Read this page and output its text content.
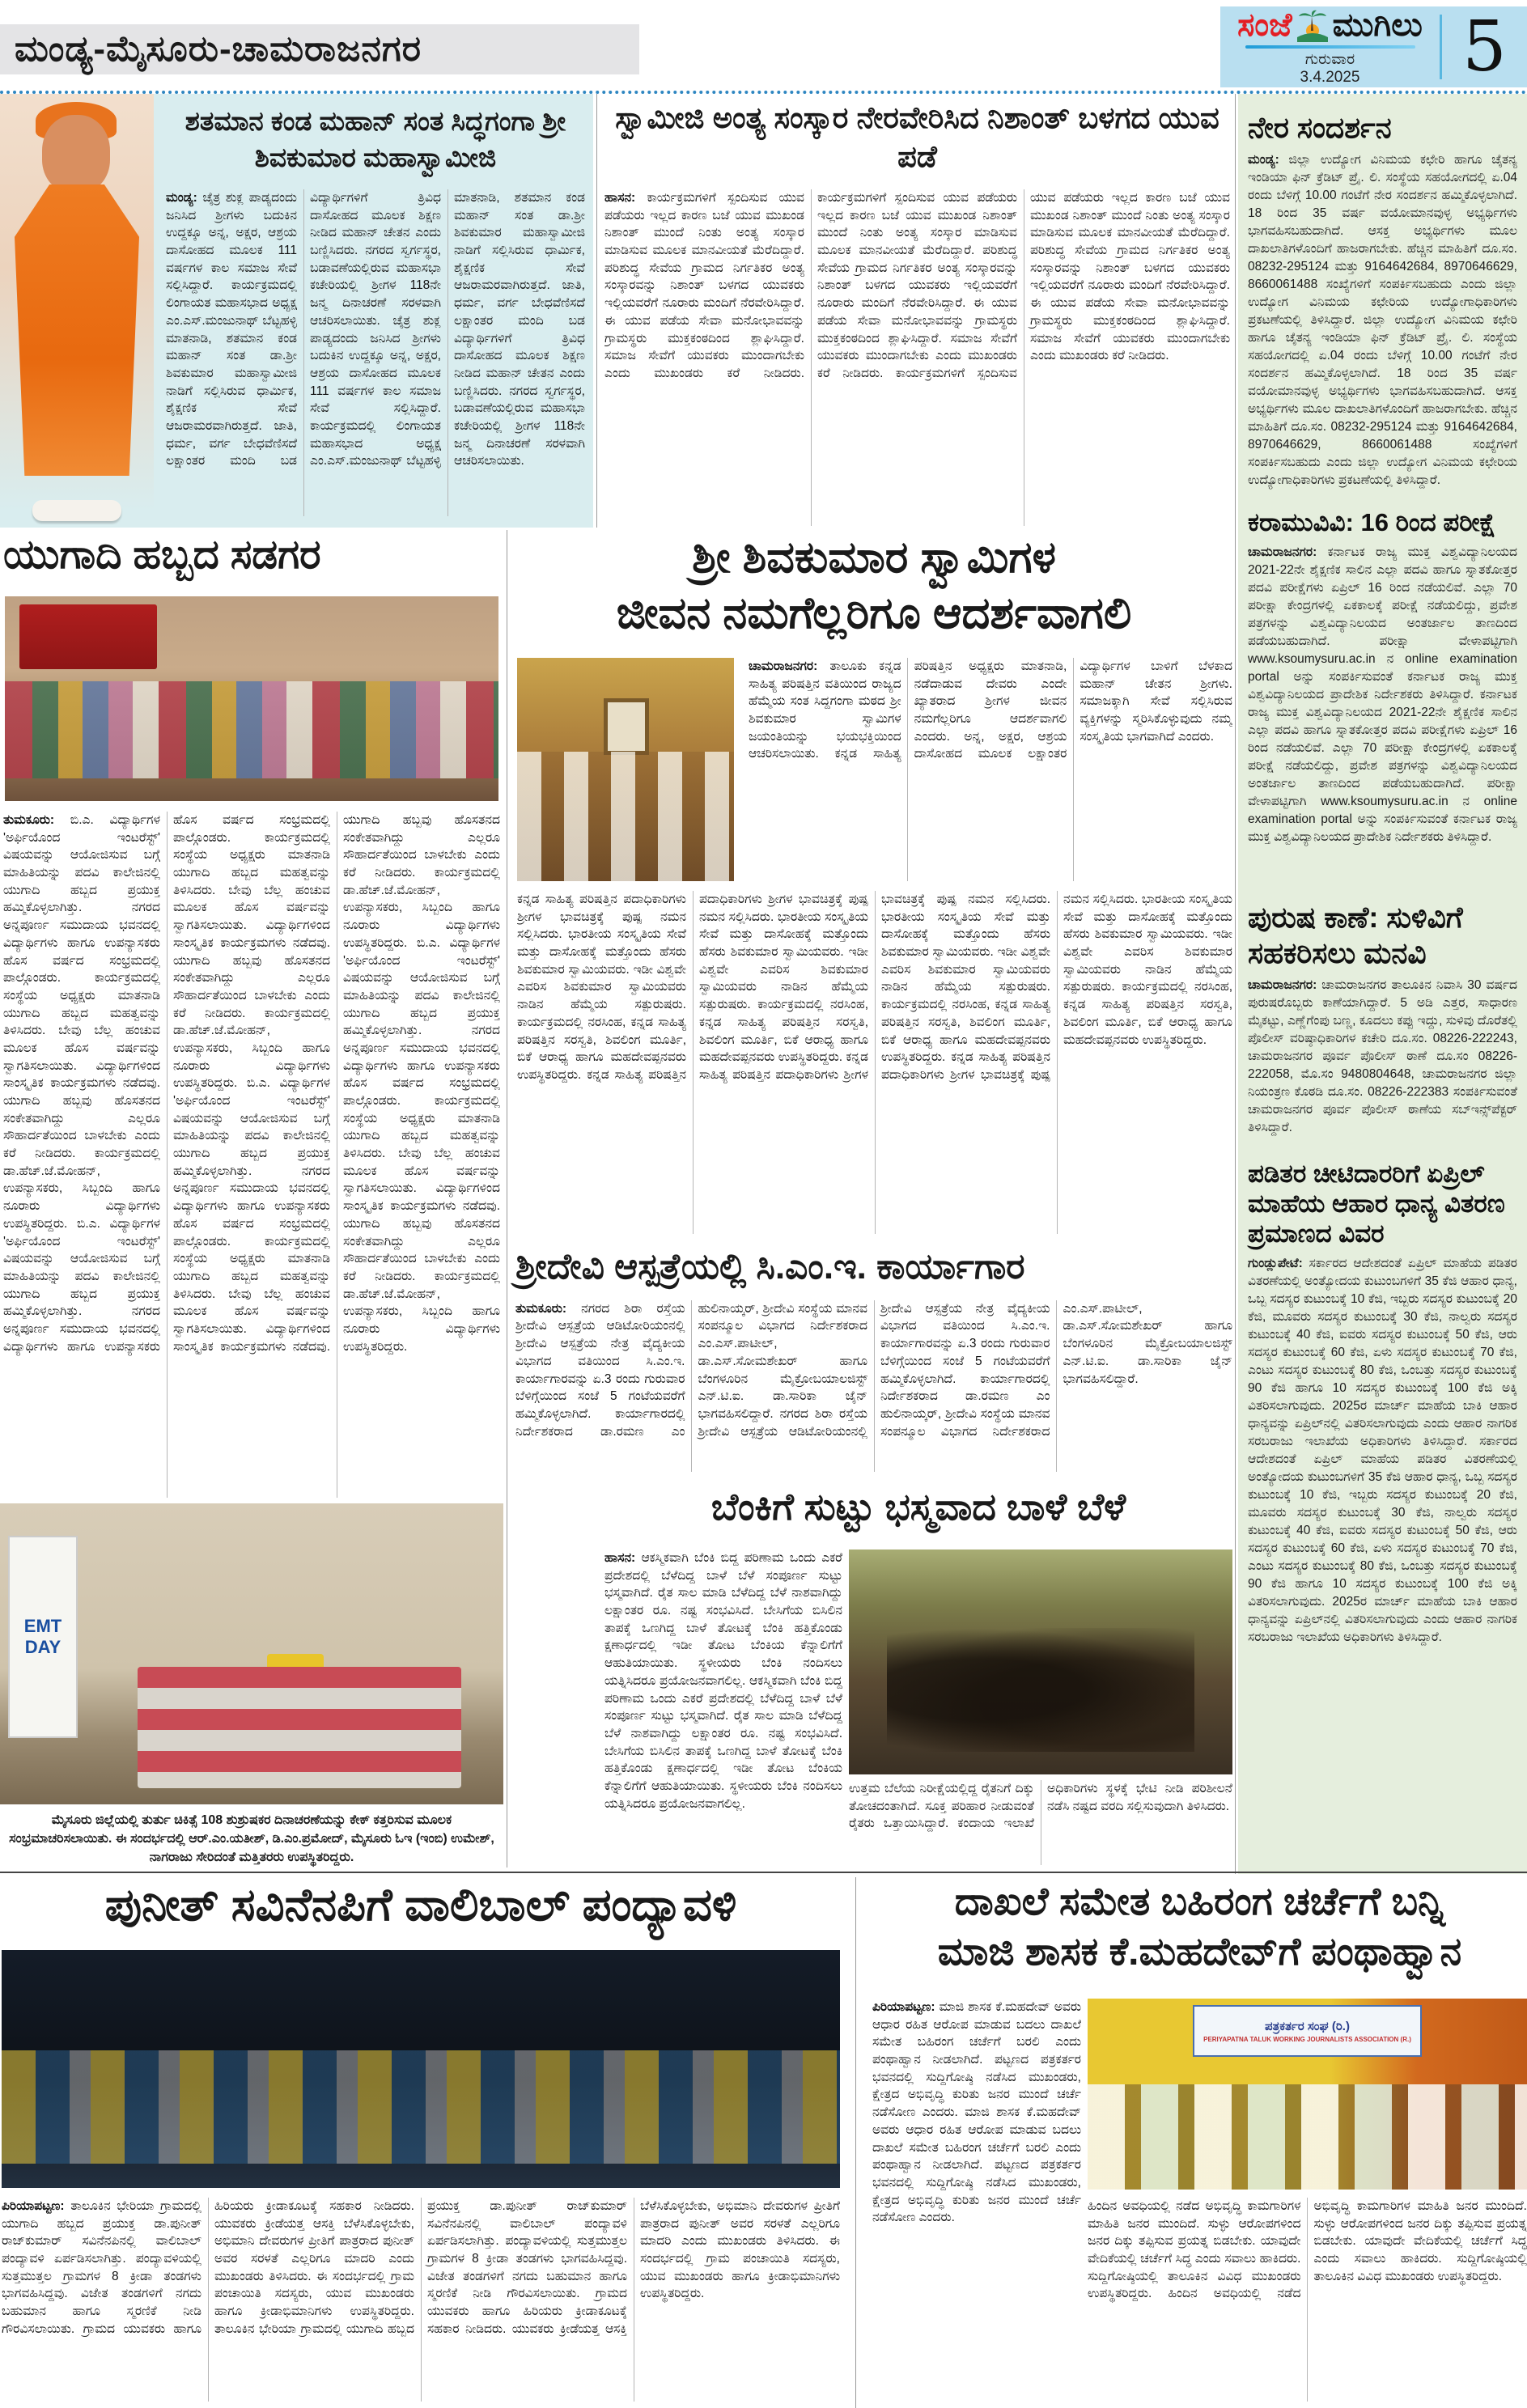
ಮಂಡ್ಯ-ಮೈಸೂರು-ಚಾಮರಾಜನಗರ
ಸಂಜೆ ಮುಗಿಲು
ಗುರುವಾರ
3.4.2025 5
ಶತಮಾನ ಕಂಡ ಮಹಾನ್ ಸಂತ ಸಿದ್ಧಗಂಗಾ ಶ್ರೀ ಶಿವಕುಮಾರ ಮಹಾಸ್ವಾಮೀಜಿ
ಮಂಡ್ಯ: ಚೈತ್ರ ಶುಕ್ಲ ಪಾಡ್ಯದಂದು ಜನಿಸಿದ ಶ್ರೀಗಳು ಬದುಕಿನ ಉದ್ದಕ್ಕೂ ಅನ್ನ, ಅಕ್ಷರ, ಆಶ್ರಯ ದಾಸೋಹದ ಮೂಲಕ 111 ವರ್ಷಗಳ ಕಾಲ ಸಮಾಜ ಸೇವೆ ಸಲ್ಲಿಸಿದ್ದಾರೆ. ಕಾರ್ಯಕ್ರಮದಲ್ಲಿ ಲಿಂಗಾಯತ ಮಹಾಸಭಾದ ಅಧ್ಯಕ್ಷ ಎಂ.ಎಸ್.ಮಂಜುನಾಥ್ ಬೆಟ್ಟಹಳ್ಳಿ ಮಾತನಾಡಿ, ಶತಮಾನ ಕಂಡ ಮಹಾನ್ ಸಂತ ಡಾ.ಶ್ರೀ ಶಿವಕುಮಾರ ಮಹಾಸ್ವಾಮೀಜಿ ನಾಡಿಗೆ ಸಲ್ಲಿಸಿರುವ ಧಾರ್ಮಿಕ, ಶೈಕ್ಷಣಿಕ ಸೇವೆ ಆಜರಾಮರವಾಗಿರುತ್ತದೆ. ಜಾತಿ, ಧರ್ಮ, ವರ್ಗ ಬೇಧವೆಣಿಸದೆ ಲಕ್ಷಾಂತರ ಮಂದಿ ಬಡ ವಿದ್ಯಾರ್ಥಿಗಳಿಗೆ ತ್ರಿವಿಧ ದಾಸೋಹದ ಮೂಲಕ ಶಿಕ್ಷಣ ನೀಡಿದ ಮಹಾನ್ ಚೇತನ ಎಂದು ಬಣ್ಣಿಸಿದರು. ನಗರದ ಸ್ವರ್ಗಸ್ಥರ, ಬಡಾವಣೆಯಲ್ಲಿರುವ ಮಹಾಸಭಾ ಕಚೇರಿಯಲ್ಲಿ ಶ್ರೀಗಳ 118ನೇ ಜನ್ಮ ದಿನಾಚರಣೆ ಸರಳವಾಗಿ ಆಚರಿಸಲಾಯಿತು. ಚೈತ್ರ ಶುಕ್ಲ ಪಾಡ್ಯದಂದು ಜನಿಸಿದ ಶ್ರೀಗಳು ಬದುಕಿನ ಉದ್ದಕ್ಕೂ ಅನ್ನ, ಅಕ್ಷರ, ಆಶ್ರಯ ದಾಸೋಹದ ಮೂಲಕ 111 ವರ್ಷಗಳ ಕಾಲ ಸಮಾಜ ಸೇವೆ ಸಲ್ಲಿಸಿದ್ದಾರೆ. ಕಾರ್ಯಕ್ರಮದಲ್ಲಿ ಲಿಂಗಾಯತ ಮಹಾಸಭಾದ ಅಧ್ಯಕ್ಷ ಎಂ.ಎಸ್.ಮಂಜುನಾಥ್ ಬೆಟ್ಟಹಳ್ಳಿ ಮಾತನಾಡಿ, ಶತಮಾನ ಕಂಡ ಮಹಾನ್ ಸಂತ ಡಾ.ಶ್ರೀ ಶಿವಕುಮಾರ ಮಹಾಸ್ವಾಮೀಜಿ ನಾಡಿಗೆ ಸಲ್ಲಿಸಿರುವ ಧಾರ್ಮಿಕ, ಶೈಕ್ಷಣಿಕ ಸೇವೆ ಆಜರಾಮರವಾಗಿರುತ್ತದೆ. ಜಾತಿ, ಧರ್ಮ, ವರ್ಗ ಬೇಧವೆಣಿಸದೆ ಲಕ್ಷಾಂತರ ಮಂದಿ ಬಡ ವಿದ್ಯಾರ್ಥಿಗಳಿಗೆ ತ್ರಿವಿಧ ದಾಸೋಹದ ಮೂಲಕ ಶಿಕ್ಷಣ ನೀಡಿದ ಮಹಾನ್ ಚೇತನ ಎಂದು ಬಣ್ಣಿಸಿದರು. ನಗರದ ಸ್ವರ್ಗಸ್ಥರ, ಬಡಾವಣೆಯಲ್ಲಿರುವ ಮಹಾಸಭಾ ಕಚೇರಿಯಲ್ಲಿ ಶ್ರೀಗಳ 118ನೇ ಜನ್ಮ ದಿನಾಚರಣೆ ಸರಳವಾಗಿ ಆಚರಿಸಲಾಯಿತು.
ಸ್ವಾಮೀಜಿ ಅಂತ್ಯ ಸಂಸ್ಕಾರ ನೇರವೇರಿಸಿದ ನಿಶಾಂತ್ ಬಳಗದ ಯುವ ಪಡೆ
ಹಾಸನ: ಕಾರ್ಯಕ್ರಮಗಳಿಗೆ ಸ್ಪಂದಿಸುವ ಯುವ ಪಡೆಯರು ಇಲ್ಲದ ಕಾರಣ ಬಜೆ ಯುವ ಮುಖಂಡ ನಿಶಾಂತ್ ಮುಂದೆ ನಿಂತು ಅಂತ್ಯ ಸಂಸ್ಕಾರ ಮಾಡಿಸುವ ಮೂಲಕ ಮಾನವೀಯತೆ ಮೆರೆದಿದ್ದಾರೆ. ಪರಿಶುದ್ಧ ಸೇವೆಯ ಗ್ರಾಮದ ನಿರ್ಗತಿಕರ ಅಂತ್ಯ ಸಂಸ್ಕಾರವನ್ನು ನಿಶಾಂತ್ ಬಳಗದ ಯುವಕರು ಇಲ್ಲಿಯವರೆಗೆ ನೂರಾರು ಮಂದಿಗೆ ನೆರವೇರಿಸಿದ್ದಾರೆ. ಈ ಯುವ ಪಡೆಯ ಸೇವಾ ಮನೋಭಾವವನ್ನು ಗ್ರಾಮಸ್ಥರು ಮುಕ್ತಕಂಠದಿಂದ ಶ್ಲಾಘಿಸಿದ್ದಾರೆ. ಸಮಾಜ ಸೇವೆಗೆ ಯುವಕರು ಮುಂದಾಗಬೇಕು ಎಂದು ಮುಖಂಡರು ಕರೆ ನೀಡಿದರು. ಕಾರ್ಯಕ್ರಮಗಳಿಗೆ ಸ್ಪಂದಿಸುವ ಯುವ ಪಡೆಯರು ಇಲ್ಲದ ಕಾರಣ ಬಜೆ ಯುವ ಮುಖಂಡ ನಿಶಾಂತ್ ಮುಂದೆ ನಿಂತು ಅಂತ್ಯ ಸಂಸ್ಕಾರ ಮಾಡಿಸುವ ಮೂಲಕ ಮಾನವೀಯತೆ ಮೆರೆದಿದ್ದಾರೆ. ಪರಿಶುದ್ಧ ಸೇವೆಯ ಗ್ರಾಮದ ನಿರ್ಗತಿಕರ ಅಂತ್ಯ ಸಂಸ್ಕಾರವನ್ನು ನಿಶಾಂತ್ ಬಳಗದ ಯುವಕರು ಇಲ್ಲಿಯವರೆಗೆ ನೂರಾರು ಮಂದಿಗೆ ನೆರವೇರಿಸಿದ್ದಾರೆ. ಈ ಯುವ ಪಡೆಯ ಸೇವಾ ಮನೋಭಾವವನ್ನು ಗ್ರಾಮಸ್ಥರು ಮುಕ್ತಕಂಠದಿಂದ ಶ್ಲಾಘಿಸಿದ್ದಾರೆ. ಸಮಾಜ ಸೇವೆಗೆ ಯುವಕರು ಮುಂದಾಗಬೇಕು ಎಂದು ಮುಖಂಡರು ಕರೆ ನೀಡಿದರು. ಕಾರ್ಯಕ್ರಮಗಳಿಗೆ ಸ್ಪಂದಿಸುವ ಯುವ ಪಡೆಯರು ಇಲ್ಲದ ಕಾರಣ ಬಜೆ ಯುವ ಮುಖಂಡ ನಿಶಾಂತ್ ಮುಂದೆ ನಿಂತು ಅಂತ್ಯ ಸಂಸ್ಕಾರ ಮಾಡಿಸುವ ಮೂಲಕ ಮಾನವೀಯತೆ ಮೆರೆದಿದ್ದಾರೆ. ಪರಿಶುದ್ಧ ಸೇವೆಯ ಗ್ರಾಮದ ನಿರ್ಗತಿಕರ ಅಂತ್ಯ ಸಂಸ್ಕಾರವನ್ನು ನಿಶಾಂತ್ ಬಳಗದ ಯುವಕರು ಇಲ್ಲಿಯವರೆಗೆ ನೂರಾರು ಮಂದಿಗೆ ನೆರವೇರಿಸಿದ್ದಾರೆ. ಈ ಯುವ ಪಡೆಯ ಸೇವಾ ಮನೋಭಾವವನ್ನು ಗ್ರಾಮಸ್ಥರು ಮುಕ್ತಕಂಠದಿಂದ ಶ್ಲಾಘಿಸಿದ್ದಾರೆ. ಸಮಾಜ ಸೇವೆಗೆ ಯುವಕರು ಮುಂದಾಗಬೇಕು ಎಂದು ಮುಖಂಡರು ಕರೆ ನೀಡಿದರು.
ನೇರ ಸಂದರ್ಶನ
ಮಂಡ್ಯ: ಜಿಲ್ಲಾ ಉದ್ಯೋಗ ವಿನಿಮಯ ಕಛೇರಿ ಹಾಗೂ ಚೈತನ್ಯ ಇಂಡಿಯಾ ಫಿನ್ ಕ್ರೆಡಿಟ್ ಪ್ರೈ. ಲಿ. ಸಂಸ್ಥೆಯ ಸಹಯೋಗದಲ್ಲಿ ಏ.04 ರಂದು ಬೆಳಿಗ್ಗೆ 10.00 ಗಂಟೆಗೆ ನೇರ ಸಂದರ್ಶನ ಹಮ್ಮಿಕೊಳ್ಳಲಾಗಿದೆ. 18 ರಿಂದ 35 ವರ್ಷ ವಯೋಮಾನವುಳ್ಳ ಅಭ್ಯರ್ಥಿಗಳು ಭಾಗವಹಿಸಬಹುದಾಗಿದೆ. ಆಸಕ್ತ ಅಭ್ಯರ್ಥಿಗಳು ಮೂಲ ದಾಖಲಾತಿಗಳೊಂದಿಗೆ ಹಾಜರಾಗಬೇಕು. ಹೆಚ್ಚಿನ ಮಾಹಿತಿಗೆ ದೂ.ಸಂ. 08232-295124 ಮತ್ತು 9164642684, 8970646629, 8660061488 ಸಂಖ್ಯೆಗಳಿಗೆ ಸಂಪರ್ಕಿಸಬಹುದು ಎಂದು ಜಿಲ್ಲಾ ಉದ್ಯೋಗ ವಿನಿಮಯ ಕಛೇರಿಯ ಉದ್ಯೋಗಾಧಿಕಾರಿಗಳು ಪ್ರಕಟಣೆಯಲ್ಲಿ ತಿಳಿಸಿದ್ದಾರೆ. ಜಿಲ್ಲಾ ಉದ್ಯೋಗ ವಿನಿಮಯ ಕಛೇರಿ ಹಾಗೂ ಚೈತನ್ಯ ಇಂಡಿಯಾ ಫಿನ್ ಕ್ರೆಡಿಟ್ ಪ್ರೈ. ಲಿ. ಸಂಸ್ಥೆಯ ಸಹಯೋಗದಲ್ಲಿ ಏ.04 ರಂದು ಬೆಳಿಗ್ಗೆ 10.00 ಗಂಟೆಗೆ ನೇರ ಸಂದರ್ಶನ ಹಮ್ಮಿಕೊಳ್ಳಲಾಗಿದೆ. 18 ರಿಂದ 35 ವರ್ಷ ವಯೋಮಾನವುಳ್ಳ ಅಭ್ಯರ್ಥಿಗಳು ಭಾಗವಹಿಸಬಹುದಾಗಿದೆ. ಆಸಕ್ತ ಅಭ್ಯರ್ಥಿಗಳು ಮೂಲ ದಾಖಲಾತಿಗಳೊಂದಿಗೆ ಹಾಜರಾಗಬೇಕು. ಹೆಚ್ಚಿನ ಮಾಹಿತಿಗೆ ದೂ.ಸಂ. 08232-295124 ಮತ್ತು 9164642684, 8970646629, 8660061488 ಸಂಖ್ಯೆಗಳಿಗೆ ಸಂಪರ್ಕಿಸಬಹುದು ಎಂದು ಜಿಲ್ಲಾ ಉದ್ಯೋಗ ವಿನಿಮಯ ಕಛೇರಿಯ ಉದ್ಯೋಗಾಧಿಕಾರಿಗಳು ಪ್ರಕಟಣೆಯಲ್ಲಿ ತಿಳಿಸಿದ್ದಾರೆ.
ಕರಾಮುವಿವಿ: 16 ರಿಂದ ಪರೀಕ್ಷೆ
ಚಾಮರಾಜನಗರ: ಕರ್ನಾಟಕ ರಾಜ್ಯ ಮುಕ್ತ ವಿಶ್ವವಿದ್ಯಾನಿಲಯದ 2021-22ನೇ ಶೈಕ್ಷಣಿಕ ಸಾಲಿನ ಎಲ್ಲಾ ಪದವಿ ಹಾಗೂ ಸ್ನಾತಕೋತ್ತರ ಪದವಿ ಪರೀಕ್ಷೆಗಳು ಏಪ್ರಿಲ್ 16 ರಿಂದ ನಡೆಯಲಿವೆ. ಎಲ್ಲಾ 70 ಪರೀಕ್ಷಾ ಕೇಂದ್ರಗಳಲ್ಲಿ ಏಕಕಾಲಕ್ಕೆ ಪರೀಕ್ಷೆ ನಡೆಯಲಿದ್ದು, ಪ್ರವೇಶ ಪತ್ರಗಳನ್ನು ವಿಶ್ವವಿದ್ಯಾನಿಲಯದ ಅಂತರ್ಜಾಲ ತಾಣದಿಂದ ಪಡೆಯಬಹುದಾಗಿದೆ. ಪರೀಕ್ಷಾ ವೇಳಾಪಟ್ಟಿಗಾಗಿ www.ksoumysuru.ac.in ನ online examination portal ಅನ್ನು ಸಂಪರ್ಕಿಸುವಂತೆ ಕರ್ನಾಟಕ ರಾಜ್ಯ ಮುಕ್ತ ವಿಶ್ವವಿದ್ಯಾನಿಲಯದ ಪ್ರಾದೇಶಿಕ ನಿರ್ದೇಶಕರು ತಿಳಿಸಿದ್ದಾರೆ. ಕರ್ನಾಟಕ ರಾಜ್ಯ ಮುಕ್ತ ವಿಶ್ವವಿದ್ಯಾನಿಲಯದ 2021-22ನೇ ಶೈಕ್ಷಣಿಕ ಸಾಲಿನ ಎಲ್ಲಾ ಪದವಿ ಹಾಗೂ ಸ್ನಾತಕೋತ್ತರ ಪದವಿ ಪರೀಕ್ಷೆಗಳು ಏಪ್ರಿಲ್ 16 ರಿಂದ ನಡೆಯಲಿವೆ. ಎಲ್ಲಾ 70 ಪರೀಕ್ಷಾ ಕೇಂದ್ರಗಳಲ್ಲಿ ಏಕಕಾಲಕ್ಕೆ ಪರೀಕ್ಷೆ ನಡೆಯಲಿದ್ದು, ಪ್ರವೇಶ ಪತ್ರಗಳನ್ನು ವಿಶ್ವವಿದ್ಯಾನಿಲಯದ ಅಂತರ್ಜಾಲ ತಾಣದಿಂದ ಪಡೆಯಬಹುದಾಗಿದೆ. ಪರೀಕ್ಷಾ ವೇಳಾಪಟ್ಟಿಗಾಗಿ www.ksoumysuru.ac.in ನ online examination portal ಅನ್ನು ಸಂಪರ್ಕಿಸುವಂತೆ ಕರ್ನಾಟಕ ರಾಜ್ಯ ಮುಕ್ತ ವಿಶ್ವವಿದ್ಯಾನಿಲಯದ ಪ್ರಾದೇಶಿಕ ನಿರ್ದೇಶಕರು ತಿಳಿಸಿದ್ದಾರೆ.
ಪುರುಷ ಕಾಣೆ: ಸುಳಿವಿಗೆ ಸಹಕರಿಸಲು ಮನವಿ
ಚಾಮರಾಜನಗರ: ಚಾಮರಾಜನಗರ ತಾಲೂಕಿನ ನಿವಾಸಿ 30 ವರ್ಷದ ಪುರುಷರೊಬ್ಬರು ಕಾಣೆಯಾಗಿದ್ದಾರೆ. 5 ಅಡಿ ಎತ್ತರ, ಸಾಧಾರಣ ಮೈಕಟ್ಟು, ಎಣ್ಣೆಗೆಂಪು ಬಣ್ಣ, ಕೂದಲು ಕಪ್ಪು ಇದ್ದು, ಸುಳಿವು ದೊರೆತಲ್ಲಿ ಪೊಲೀಸ್ ವರಿಷ್ಠಾಧಿಕಾರಿಗಳ ಕಚೇರಿ ದೂ.ಸಂ. 08226-222243, ಚಾಮರಾಜನಗರ ಪೂರ್ವ ಪೊಲೀಸ್ ಠಾಣೆ ದೂ.ಸಂ 08226-222058, ಮೊ.ಸಂ 9480804648, ಚಾಮರಾಜನಗರ ಜಿಲ್ಲಾ ನಿಯಂತ್ರಣ ಕೊಠಡಿ ದೂ.ಸಂ. 08226-222383 ಸಂಪರ್ಕಿಸುವಂತೆ ಚಾಮರಾಜನಗರ ಪೂರ್ವ ಪೊಲೀಸ್ ಠಾಣೆಯ ಸಬ್‌ಇನ್ಸ್‌ಪೆಕ್ಟರ್ ತಿಳಿಸಿದ್ದಾರೆ.
ಪಡಿತರ ಚೀಟಿದಾರರಿಗೆ ಏಪ್ರಿಲ್ ಮಾಹೆಯ ಆಹಾರ ಧಾನ್ಯ ವಿತರಣ ಪ್ರಮಾಣದ ವಿವರ
ಗುಂಡ್ಲುಪೇಟೆ: ಸರ್ಕಾರದ ಆದೇಶದಂತೆ ಏಪ್ರಿಲ್ ಮಾಹೆಯ ಪಡಿತರ ವಿತರಣೆಯಲ್ಲಿ ಅಂತ್ಯೋದಯ ಕುಟುಂಬಗಳಿಗೆ 35 ಕೆಜಿ ಆಹಾರ ಧಾನ್ಯ, ಒಬ್ಬ ಸದಸ್ಯರ ಕುಟುಂಬಕ್ಕೆ 10 ಕೆಜಿ, ಇಬ್ಬರು ಸದಸ್ಯರ ಕುಟುಂಬಕ್ಕೆ 20 ಕೆಜಿ, ಮೂವರು ಸದಸ್ಯರ ಕುಟುಂಬಕ್ಕೆ 30 ಕೆಜಿ, ನಾಲ್ವರು ಸದಸ್ಯರ ಕುಟುಂಬಕ್ಕೆ 40 ಕೆಜಿ, ಐವರು ಸದಸ್ಯರ ಕುಟುಂಬಕ್ಕೆ 50 ಕೆಜಿ, ಆರು ಸದಸ್ಯರ ಕುಟುಂಬಕ್ಕೆ 60 ಕೆಜಿ, ಏಳು ಸದಸ್ಯರ ಕುಟುಂಬಕ್ಕೆ 70 ಕೆಜಿ, ಎಂಟು ಸದಸ್ಯರ ಕುಟುಂಬಕ್ಕೆ 80 ಕೆಜಿ, ಒಂಬತ್ತು ಸದಸ್ಯರ ಕುಟುಂಬಕ್ಕೆ 90 ಕೆಜಿ ಹಾಗೂ 10 ಸದಸ್ಯರ ಕುಟುಂಬಕ್ಕೆ 100 ಕೆಜಿ ಅಕ್ಕಿ ವಿತರಿಸಲಾಗುವುದು. 2025ರ ಮಾರ್ಚ್ ಮಾಹೆಯ ಬಾಕಿ ಆಹಾರ ಧಾನ್ಯವನ್ನು ಏಪ್ರಿಲ್‌ನಲ್ಲಿ ವಿತರಿಸಲಾಗುವುದು ಎಂದು ಆಹಾರ ನಾಗರಿಕ ಸರಬರಾಜು ಇಲಾಖೆಯ ಅಧಿಕಾರಿಗಳು ತಿಳಿಸಿದ್ದಾರೆ. ಸರ್ಕಾರದ ಆದೇಶದಂತೆ ಏಪ್ರಿಲ್ ಮಾಹೆಯ ಪಡಿತರ ವಿತರಣೆಯಲ್ಲಿ ಅಂತ್ಯೋದಯ ಕುಟುಂಬಗಳಿಗೆ 35 ಕೆಜಿ ಆಹಾರ ಧಾನ್ಯ, ಒಬ್ಬ ಸದಸ್ಯರ ಕುಟುಂಬಕ್ಕೆ 10 ಕೆಜಿ, ಇಬ್ಬರು ಸದಸ್ಯರ ಕುಟುಂಬಕ್ಕೆ 20 ಕೆಜಿ, ಮೂವರು ಸದಸ್ಯರ ಕುಟುಂಬಕ್ಕೆ 30 ಕೆಜಿ, ನಾಲ್ವರು ಸದಸ್ಯರ ಕುಟುಂಬಕ್ಕೆ 40 ಕೆಜಿ, ಐವರು ಸದಸ್ಯರ ಕುಟುಂಬಕ್ಕೆ 50 ಕೆಜಿ, ಆರು ಸದಸ್ಯರ ಕುಟುಂಬಕ್ಕೆ 60 ಕೆಜಿ, ಏಳು ಸದಸ್ಯರ ಕುಟುಂಬಕ್ಕೆ 70 ಕೆಜಿ, ಎಂಟು ಸದಸ್ಯರ ಕುಟುಂಬಕ್ಕೆ 80 ಕೆಜಿ, ಒಂಬತ್ತು ಸದಸ್ಯರ ಕುಟುಂಬಕ್ಕೆ 90 ಕೆಜಿ ಹಾಗೂ 10 ಸದಸ್ಯರ ಕುಟುಂಬಕ್ಕೆ 100 ಕೆಜಿ ಅಕ್ಕಿ ವಿತರಿಸಲಾಗುವುದು. 2025ರ ಮಾರ್ಚ್ ಮಾಹೆಯ ಬಾಕಿ ಆಹಾರ ಧಾನ್ಯವನ್ನು ಏಪ್ರಿಲ್‌ನಲ್ಲಿ ವಿತರಿಸಲಾಗುವುದು ಎಂದು ಆಹಾರ ನಾಗರಿಕ ಸರಬರಾಜು ಇಲಾಖೆಯ ಅಧಿಕಾರಿಗಳು ತಿಳಿಸಿದ್ದಾರೆ.
ಯುಗಾದಿ ಹಬ್ಬದ ಸಡಗರ
ತುಮಕೂರು: ಬಿ.ಎ. ವಿದ್ಯಾರ್ಥಿಗಳ 'ಅರ್ಫಿಯೊಂದ ಇಂಟರೆಸ್ಟ್' ವಿಷಯವನ್ನು ಆಯೋಜಿಸುವ ಬಗ್ಗೆ ಮಾಹಿತಿಯನ್ನು ಪದವಿ ಕಾಲೇಜಿನಲ್ಲಿ ಯುಗಾದಿ ಹಬ್ಬದ ಪ್ರಯುಕ್ತ ಹಮ್ಮಿಕೊಳ್ಳಲಾಗಿತ್ತು. ನಗರದ ಅನ್ನಪೂರ್ಣ ಸಮುದಾಯ ಭವನದಲ್ಲಿ ವಿದ್ಯಾರ್ಥಿಗಳು ಹಾಗೂ ಉಪನ್ಯಾಸಕರು ಹೊಸ ವರ್ಷದ ಸಂಭ್ರಮದಲ್ಲಿ ಪಾಲ್ಗೊಂಡರು. ಕಾರ್ಯಕ್ರಮದಲ್ಲಿ ಸಂಸ್ಥೆಯ ಅಧ್ಯಕ್ಷರು ಮಾತನಾಡಿ ಯುಗಾದಿ ಹಬ್ಬದ ಮಹತ್ವವನ್ನು ತಿಳಿಸಿದರು. ಬೇವು ಬೆಲ್ಲ ಹಂಚುವ ಮೂಲಕ ಹೊಸ ವರ್ಷವನ್ನು ಸ್ವಾಗತಿಸಲಾಯಿತು. ವಿದ್ಯಾರ್ಥಿಗಳಿಂದ ಸಾಂಸ್ಕೃತಿಕ ಕಾರ್ಯಕ್ರಮಗಳು ನಡೆದವು. ಯುಗಾದಿ ಹಬ್ಬವು ಹೊಸತನದ ಸಂಕೇತವಾಗಿದ್ದು ಎಲ್ಲರೂ ಸೌಹಾರ್ದತೆಯಿಂದ ಬಾಳಬೇಕು ಎಂದು ಕರೆ ನೀಡಿದರು. ಕಾರ್ಯಕ್ರಮದಲ್ಲಿ ಡಾ.ಹೆಚ್.ಜೆ.ಮೋಹನ್, ಉಪನ್ಯಾಸಕರು, ಸಿಬ್ಬಂದಿ ಹಾಗೂ ನೂರಾರು ವಿದ್ಯಾರ್ಥಿಗಳು ಉಪಸ್ಥಿತರಿದ್ದರು. ಬಿ.ಎ. ವಿದ್ಯಾರ್ಥಿಗಳ 'ಅರ್ಫಿಯೊಂದ ಇಂಟರೆಸ್ಟ್' ವಿಷಯವನ್ನು ಆಯೋಜಿಸುವ ಬಗ್ಗೆ ಮಾಹಿತಿಯನ್ನು ಪದವಿ ಕಾಲೇಜಿನಲ್ಲಿ ಯುಗಾದಿ ಹಬ್ಬದ ಪ್ರಯುಕ್ತ ಹಮ್ಮಿಕೊಳ್ಳಲಾಗಿತ್ತು. ನಗರದ ಅನ್ನಪೂರ್ಣ ಸಮುದಾಯ ಭವನದಲ್ಲಿ ವಿದ್ಯಾರ್ಥಿಗಳು ಹಾಗೂ ಉಪನ್ಯಾಸಕರು ಹೊಸ ವರ್ಷದ ಸಂಭ್ರಮದಲ್ಲಿ ಪಾಲ್ಗೊಂಡರು. ಕಾರ್ಯಕ್ರಮದಲ್ಲಿ ಸಂಸ್ಥೆಯ ಅಧ್ಯಕ್ಷರು ಮಾತನಾಡಿ ಯುಗಾದಿ ಹಬ್ಬದ ಮಹತ್ವವನ್ನು ತಿಳಿಸಿದರು. ಬೇವು ಬೆಲ್ಲ ಹಂಚುವ ಮೂಲಕ ಹೊಸ ವರ್ಷವನ್ನು ಸ್ವಾಗತಿಸಲಾಯಿತು. ವಿದ್ಯಾರ್ಥಿಗಳಿಂದ ಸಾಂಸ್ಕೃತಿಕ ಕಾರ್ಯಕ್ರಮಗಳು ನಡೆದವು. ಯುಗಾದಿ ಹಬ್ಬವು ಹೊಸತನದ ಸಂಕೇತವಾಗಿದ್ದು ಎಲ್ಲರೂ ಸೌಹಾರ್ದತೆಯಿಂದ ಬಾಳಬೇಕು ಎಂದು ಕರೆ ನೀಡಿದರು. ಕಾರ್ಯಕ್ರಮದಲ್ಲಿ ಡಾ.ಹೆಚ್.ಜೆ.ಮೋಹನ್, ಉಪನ್ಯಾಸಕರು, ಸಿಬ್ಬಂದಿ ಹಾಗೂ ನೂರಾರು ವಿದ್ಯಾರ್ಥಿಗಳು ಉಪಸ್ಥಿತರಿದ್ದರು. ಬಿ.ಎ. ವಿದ್ಯಾರ್ಥಿಗಳ 'ಅರ್ಫಿಯೊಂದ ಇಂಟರೆಸ್ಟ್' ವಿಷಯವನ್ನು ಆಯೋಜಿಸುವ ಬಗ್ಗೆ ಮಾಹಿತಿಯನ್ನು ಪದವಿ ಕಾಲೇಜಿನಲ್ಲಿ ಯುಗಾದಿ ಹಬ್ಬದ ಪ್ರಯುಕ್ತ ಹಮ್ಮಿಕೊಳ್ಳಲಾಗಿತ್ತು. ನಗರದ ಅನ್ನಪೂರ್ಣ ಸಮುದಾಯ ಭವನದಲ್ಲಿ ವಿದ್ಯಾರ್ಥಿಗಳು ಹಾಗೂ ಉಪನ್ಯಾಸಕರು ಹೊಸ ವರ್ಷದ ಸಂಭ್ರಮದಲ್ಲಿ ಪಾಲ್ಗೊಂಡರು. ಕಾರ್ಯಕ್ರಮದಲ್ಲಿ ಸಂಸ್ಥೆಯ ಅಧ್ಯಕ್ಷರು ಮಾತನಾಡಿ ಯುಗಾದಿ ಹಬ್ಬದ ಮಹತ್ವವನ್ನು ತಿಳಿಸಿದರು. ಬೇವು ಬೆಲ್ಲ ಹಂಚುವ ಮೂಲಕ ಹೊಸ ವರ್ಷವನ್ನು ಸ್ವಾಗತಿಸಲಾಯಿತು. ವಿದ್ಯಾರ್ಥಿಗಳಿಂದ ಸಾಂಸ್ಕೃತಿಕ ಕಾರ್ಯಕ್ರಮಗಳು ನಡೆದವು. ಯುಗಾದಿ ಹಬ್ಬವು ಹೊಸತನದ ಸಂಕೇತವಾಗಿದ್ದು ಎಲ್ಲರೂ ಸೌಹಾರ್ದತೆಯಿಂದ ಬಾಳಬೇಕು ಎಂದು ಕರೆ ನೀಡಿದರು. ಕಾರ್ಯಕ್ರಮದಲ್ಲಿ ಡಾ.ಹೆಚ್.ಜೆ.ಮೋಹನ್, ಉಪನ್ಯಾಸಕರು, ಸಿಬ್ಬಂದಿ ಹಾಗೂ ನೂರಾರು ವಿದ್ಯಾರ್ಥಿಗಳು ಉಪಸ್ಥಿತರಿದ್ದರು. ಬಿ.ಎ. ವಿದ್ಯಾರ್ಥಿಗಳ 'ಅರ್ಫಿಯೊಂದ ಇಂಟರೆಸ್ಟ್' ವಿಷಯವನ್ನು ಆಯೋಜಿಸುವ ಬಗ್ಗೆ ಮಾಹಿತಿಯನ್ನು ಪದವಿ ಕಾಲೇಜಿನಲ್ಲಿ ಯುಗಾದಿ ಹಬ್ಬದ ಪ್ರಯುಕ್ತ ಹಮ್ಮಿಕೊಳ್ಳಲಾಗಿತ್ತು. ನಗರದ ಅನ್ನಪೂರ್ಣ ಸಮುದಾಯ ಭವನದಲ್ಲಿ ವಿದ್ಯಾರ್ಥಿಗಳು ಹಾಗೂ ಉಪನ್ಯಾಸಕರು ಹೊಸ ವರ್ಷದ ಸಂಭ್ರಮದಲ್ಲಿ ಪಾಲ್ಗೊಂಡರು. ಕಾರ್ಯಕ್ರಮದಲ್ಲಿ ಸಂಸ್ಥೆಯ ಅಧ್ಯಕ್ಷರು ಮಾತನಾಡಿ ಯುಗಾದಿ ಹಬ್ಬದ ಮಹತ್ವವನ್ನು ತಿಳಿಸಿದರು. ಬೇವು ಬೆಲ್ಲ ಹಂಚುವ ಮೂಲಕ ಹೊಸ ವರ್ಷವನ್ನು ಸ್ವಾಗತಿಸಲಾಯಿತು. ವಿದ್ಯಾರ್ಥಿಗಳಿಂದ ಸಾಂಸ್ಕೃತಿಕ ಕಾರ್ಯಕ್ರಮಗಳು ನಡೆದವು. ಯುಗಾದಿ ಹಬ್ಬವು ಹೊಸತನದ ಸಂಕೇತವಾಗಿದ್ದು ಎಲ್ಲರೂ ಸೌಹಾರ್ದತೆಯಿಂದ ಬಾಳಬೇಕು ಎಂದು ಕರೆ ನೀಡಿದರು. ಕಾರ್ಯಕ್ರಮದಲ್ಲಿ ಡಾ.ಹೆಚ್.ಜೆ.ಮೋಹನ್, ಉಪನ್ಯಾಸಕರು, ಸಿಬ್ಬಂದಿ ಹಾಗೂ ನೂರಾರು ವಿದ್ಯಾರ್ಥಿಗಳು ಉಪಸ್ಥಿತರಿದ್ದರು.
ಶ್ರೀ ಶಿವಕುಮಾರ ಸ್ವಾಮಿಗಳ
ಜೀವನ ನಮಗೆಲ್ಲರಿಗೂ ಆದರ್ಶವಾಗಲಿ
ಚಾಮರಾಜನಗರ: ತಾಲೂಕು ಕನ್ನಡ ಸಾಹಿತ್ಯ ಪರಿಷತ್ತಿನ ವತಿಯಿಂದ ರಾಜ್ಯದ ಹೆಮ್ಮೆಯ ಸಂತ ಸಿದ್ದಗಂಗಾ ಮಠದ ಶ್ರೀ ಶಿವಕುಮಾರ ಸ್ವಾಮಿಗಳ ಜಯಂತಿಯನ್ನು ಭಯಭಕ್ತಿಯಿಂದ ಆಚರಿಸಲಾಯಿತು. ಕನ್ನಡ ಸಾಹಿತ್ಯ ಪರಿಷತ್ತಿನ ಅಧ್ಯಕ್ಷರು ಮಾತನಾಡಿ, ನಡೆದಾಡುವ ದೇವರು ಎಂದೇ ಖ್ಯಾತರಾದ ಶ್ರೀಗಳ ಜೀವನ ನಮಗೆಲ್ಲರಿಗೂ ಆದರ್ಶವಾಗಲಿ ಎಂದರು. ಅನ್ನ, ಅಕ್ಷರ, ಆಶ್ರಯ ದಾಸೋಹದ ಮೂಲಕ ಲಕ್ಷಾಂತರ ವಿದ್ಯಾರ್ಥಿಗಳ ಬಾಳಿಗೆ ಬೆಳಕಾದ ಮಹಾನ್ ಚೇತನ ಶ್ರೀಗಳು. ಸಮಾಜಕ್ಕಾಗಿ ಸೇವೆ ಸಲ್ಲಿಸಿರುವ ವ್ಯಕ್ತಿಗಳನ್ನು ಸ್ಮರಿಸಿಕೊಳ್ಳುವುದು ನಮ್ಮ ಸಂಸ್ಕೃತಿಯ ಭಾಗವಾಗಿದೆ ಎಂದರು.
ಕನ್ನಡ ಸಾಹಿತ್ಯ ಪರಿಷತ್ತಿನ ಪದಾಧಿಕಾರಿಗಳು ಶ್ರೀಗಳ ಭಾವಚಿತ್ರಕ್ಕೆ ಪುಷ್ಪ ನಮನ ಸಲ್ಲಿಸಿದರು. ಭಾರತೀಯ ಸಂಸ್ಕೃತಿಯ ಸೇವೆ ಮತ್ತು ದಾಸೋಹಕ್ಕೆ ಮತ್ತೊಂದು ಹೆಸರು ಶಿವಕುಮಾರ ಸ್ವಾಮಿಯವರು. ಇಡೀ ವಿಶ್ವವೇ ಎವರಿಸ ಶಿವಕುಮಾರ ಸ್ವಾಮಿಯವರು ನಾಡಿನ ಹೆಮ್ಮೆಯ ಸತ್ಪುರುಷರು. ಕಾರ್ಯಕ್ರಮದಲ್ಲಿ ನರಸಿಂಹ, ಕನ್ನಡ ಸಾಹಿತ್ಯ ಪರಿಷತ್ತಿನ ಸರಸ್ವತಿ, ಶಿವಲಿಂಗ ಮೂರ್ತಿ, ಬಿಕೆ ಆರಾಧ್ಯ ಹಾಗೂ ಮಹದೇವಪ್ಪನವರು ಉಪಸ್ಥಿತರಿದ್ದರು. ಕನ್ನಡ ಸಾಹಿತ್ಯ ಪರಿಷತ್ತಿನ ಪದಾಧಿಕಾರಿಗಳು ಶ್ರೀಗಳ ಭಾವಚಿತ್ರಕ್ಕೆ ಪುಷ್ಪ ನಮನ ಸಲ್ಲಿಸಿದರು. ಭಾರತೀಯ ಸಂಸ್ಕೃತಿಯ ಸೇವೆ ಮತ್ತು ದಾಸೋಹಕ್ಕೆ ಮತ್ತೊಂದು ಹೆಸರು ಶಿವಕುಮಾರ ಸ್ವಾಮಿಯವರು. ಇಡೀ ವಿಶ್ವವೇ ಎವರಿಸ ಶಿವಕುಮಾರ ಸ್ವಾಮಿಯವರು ನಾಡಿನ ಹೆಮ್ಮೆಯ ಸತ್ಪುರುಷರು. ಕಾರ್ಯಕ್ರಮದಲ್ಲಿ ನರಸಿಂಹ, ಕನ್ನಡ ಸಾಹಿತ್ಯ ಪರಿಷತ್ತಿನ ಸರಸ್ವತಿ, ಶಿವಲಿಂಗ ಮೂರ್ತಿ, ಬಿಕೆ ಆರಾಧ್ಯ ಹಾಗೂ ಮಹದೇವಪ್ಪನವರು ಉಪಸ್ಥಿತರಿದ್ದರು. ಕನ್ನಡ ಸಾಹಿತ್ಯ ಪರಿಷತ್ತಿನ ಪದಾಧಿಕಾರಿಗಳು ಶ್ರೀಗಳ ಭಾವಚಿತ್ರಕ್ಕೆ ಪುಷ್ಪ ನಮನ ಸಲ್ಲಿಸಿದರು. ಭಾರತೀಯ ಸಂಸ್ಕೃತಿಯ ಸೇವೆ ಮತ್ತು ದಾಸೋಹಕ್ಕೆ ಮತ್ತೊಂದು ಹೆಸರು ಶಿವಕುಮಾರ ಸ್ವಾಮಿಯವರು. ಇಡೀ ವಿಶ್ವವೇ ಎವರಿಸ ಶಿವಕುಮಾರ ಸ್ವಾಮಿಯವರು ನಾಡಿನ ಹೆಮ್ಮೆಯ ಸತ್ಪುರುಷರು. ಕಾರ್ಯಕ್ರಮದಲ್ಲಿ ನರಸಿಂಹ, ಕನ್ನಡ ಸಾಹಿತ್ಯ ಪರಿಷತ್ತಿನ ಸರಸ್ವತಿ, ಶಿವಲಿಂಗ ಮೂರ್ತಿ, ಬಿಕೆ ಆರಾಧ್ಯ ಹಾಗೂ ಮಹದೇವಪ್ಪನವರು ಉಪಸ್ಥಿತರಿದ್ದರು. ಕನ್ನಡ ಸಾಹಿತ್ಯ ಪರಿಷತ್ತಿನ ಪದಾಧಿಕಾರಿಗಳು ಶ್ರೀಗಳ ಭಾವಚಿತ್ರಕ್ಕೆ ಪುಷ್ಪ ನಮನ ಸಲ್ಲಿಸಿದರು. ಭಾರತೀಯ ಸಂಸ್ಕೃತಿಯ ಸೇವೆ ಮತ್ತು ದಾಸೋಹಕ್ಕೆ ಮತ್ತೊಂದು ಹೆಸರು ಶಿವಕುಮಾರ ಸ್ವಾಮಿಯವರು. ಇಡೀ ವಿಶ್ವವೇ ಎವರಿಸ ಶಿವಕುಮಾರ ಸ್ವಾಮಿಯವರು ನಾಡಿನ ಹೆಮ್ಮೆಯ ಸತ್ಪುರುಷರು. ಕಾರ್ಯಕ್ರಮದಲ್ಲಿ ನರಸಿಂಹ, ಕನ್ನಡ ಸಾಹಿತ್ಯ ಪರಿಷತ್ತಿನ ಸರಸ್ವತಿ, ಶಿವಲಿಂಗ ಮೂರ್ತಿ, ಬಿಕೆ ಆರಾಧ್ಯ ಹಾಗೂ ಮಹದೇವಪ್ಪನವರು ಉಪಸ್ಥಿತರಿದ್ದರು.
ಶ್ರೀದೇವಿ ಆಸ್ಪತ್ರೆಯಲ್ಲಿ ಸಿ.ಎಂ.ಇ. ಕಾರ್ಯಾಗಾರ
ತುಮಕೂರು: ನಗರದ ಶಿರಾ ರಸ್ತೆಯ ಶ್ರೀದೇವಿ ಆಸ್ಪತ್ರೆಯ ಆಡಿಟೋರಿಯಂನಲ್ಲಿ ಶ್ರೀದೇವಿ ಆಸ್ಪತ್ರೆಯ ನೇತ್ರ ವೈದ್ಯಕೀಯ ವಿಭಾಗದ ವತಿಯಿಂದ ಸಿ.ಎಂ.ಇ. ಕಾರ್ಯಾಗಾರವನ್ನು ಏ.3 ರಂದು ಗುರುವಾರ ಬೆಳಿಗ್ಗೆಯಿಂದ ಸಂಜೆ 5 ಗಂಟೆಯವರೆಗೆ ಹಮ್ಮಿಕೊಳ್ಳಲಾಗಿದೆ. ಕಾರ್ಯಾಗಾರದಲ್ಲಿ ನಿರ್ದೇಶಕರಾದ ಡಾ.ರಮಣ ಎಂ ಹುಲಿನಾಯ್ಕರ್, ಶ್ರೀದೇವಿ ಸಂಸ್ಥೆಯ ಮಾನವ ಸಂಪನ್ಮೂಲ ವಿಭಾಗದ ನಿರ್ದೇಶಕರಾದ ಎಂ.ಎಸ್.ಪಾಟೀಲ್, ಡಾ.ಎಸ್.ಸೋಮಶೇಖರ್ ಹಾಗೂ ಬೆಂಗಳೂರಿನ ಮೈಕ್ರೋಬಯಾಲಜಿಸ್ಟ್ ಎನ್.ಟಿ.ಐ. ಡಾ.ಸಾರಿಕಾ ಜೈನ್ ಭಾಗವಹಿಸಲಿದ್ದಾರೆ. ನಗರದ ಶಿರಾ ರಸ್ತೆಯ ಶ್ರೀದೇವಿ ಆಸ್ಪತ್ರೆಯ ಆಡಿಟೋರಿಯಂನಲ್ಲಿ ಶ್ರೀದೇವಿ ಆಸ್ಪತ್ರೆಯ ನೇತ್ರ ವೈದ್ಯಕೀಯ ವಿಭಾಗದ ವತಿಯಿಂದ ಸಿ.ಎಂ.ಇ. ಕಾರ್ಯಾಗಾರವನ್ನು ಏ.3 ರಂದು ಗುರುವಾರ ಬೆಳಿಗ್ಗೆಯಿಂದ ಸಂಜೆ 5 ಗಂಟೆಯವರೆಗೆ ಹಮ್ಮಿಕೊಳ್ಳಲಾಗಿದೆ. ಕಾರ್ಯಾಗಾರದಲ್ಲಿ ನಿರ್ದೇಶಕರಾದ ಡಾ.ರಮಣ ಎಂ ಹುಲಿನಾಯ್ಕರ್, ಶ್ರೀದೇವಿ ಸಂಸ್ಥೆಯ ಮಾನವ ಸಂಪನ್ಮೂಲ ವಿಭಾಗದ ನಿರ್ದೇಶಕರಾದ ಎಂ.ಎಸ್.ಪಾಟೀಲ್, ಡಾ.ಎಸ್.ಸೋಮಶೇಖರ್ ಹಾಗೂ ಬೆಂಗಳೂರಿನ ಮೈಕ್ರೋಬಯಾಲಜಿಸ್ಟ್ ಎನ್.ಟಿ.ಐ. ಡಾ.ಸಾರಿಕಾ ಜೈನ್ ಭಾಗವಹಿಸಲಿದ್ದಾರೆ.
ಬೆಂಕಿಗೆ ಸುಟ್ಟು ಭಸ್ಮವಾದ ಬಾಳೆ ಬೆಳೆ
ಹಾಸನ: ಆಕಸ್ಮಿಕವಾಗಿ ಬೆಂಕಿ ಬಿದ್ದ ಪರಿಣಾಮ ಒಂದು ಎಕರೆ ಪ್ರದೇಶದಲ್ಲಿ ಬೆಳೆದಿದ್ದ ಬಾಳೆ ಬೆಳೆ ಸಂಪೂರ್ಣ ಸುಟ್ಟು ಭಸ್ಮವಾಗಿದೆ. ರೈತ ಸಾಲ ಮಾಡಿ ಬೆಳೆದಿದ್ದ ಬೆಳೆ ನಾಶವಾಗಿದ್ದು ಲಕ್ಷಾಂತರ ರೂ. ನಷ್ಟ ಸಂಭವಿಸಿದೆ. ಬೇಸಿಗೆಯ ಬಿಸಿಲಿನ ತಾಪಕ್ಕೆ ಒಣಗಿದ್ದ ಬಾಳೆ ತೋಟಕ್ಕೆ ಬೆಂಕಿ ಹತ್ತಿಕೊಂಡು ಕ್ಷಣಾರ್ಧದಲ್ಲಿ ಇಡೀ ತೋಟ ಬೆಂಕಿಯ ಕೆನ್ನಾಲಿಗೆಗೆ ಆಹುತಿಯಾಯಿತು. ಸ್ಥಳೀಯರು ಬೆಂಕಿ ನಂದಿಸಲು ಯತ್ನಿಸಿದರೂ ಪ್ರಯೋಜನವಾಗಲಿಲ್ಲ. ಆಕಸ್ಮಿಕವಾಗಿ ಬೆಂಕಿ ಬಿದ್ದ ಪರಿಣಾಮ ಒಂದು ಎಕರೆ ಪ್ರದೇಶದಲ್ಲಿ ಬೆಳೆದಿದ್ದ ಬಾಳೆ ಬೆಳೆ ಸಂಪೂರ್ಣ ಸುಟ್ಟು ಭಸ್ಮವಾಗಿದೆ. ರೈತ ಸಾಲ ಮಾಡಿ ಬೆಳೆದಿದ್ದ ಬೆಳೆ ನಾಶವಾಗಿದ್ದು ಲಕ್ಷಾಂತರ ರೂ. ನಷ್ಟ ಸಂಭವಿಸಿದೆ. ಬೇಸಿಗೆಯ ಬಿಸಿಲಿನ ತಾಪಕ್ಕೆ ಒಣಗಿದ್ದ ಬಾಳೆ ತೋಟಕ್ಕೆ ಬೆಂಕಿ ಹತ್ತಿಕೊಂಡು ಕ್ಷಣಾರ್ಧದಲ್ಲಿ ಇಡೀ ತೋಟ ಬೆಂಕಿಯ ಕೆನ್ನಾಲಿಗೆಗೆ ಆಹುತಿಯಾಯಿತು. ಸ್ಥಳೀಯರು ಬೆಂಕಿ ನಂದಿಸಲು ಯತ್ನಿಸಿದರೂ ಪ್ರಯೋಜನವಾಗಲಿಲ್ಲ.
ಉತ್ತಮ ಬೆಲೆಯ ನಿರೀಕ್ಷೆಯಲ್ಲಿದ್ದ ರೈತನಿಗೆ ದಿಕ್ಕು ತೋಚದಂತಾಗಿದೆ. ಸೂಕ್ತ ಪರಿಹಾರ ನೀಡುವಂತೆ ರೈತರು ಒತ್ತಾಯಿಸಿದ್ದಾರೆ. ಕಂದಾಯ ಇಲಾಖೆ ಅಧಿಕಾರಿಗಳು ಸ್ಥಳಕ್ಕೆ ಭೇಟಿ ನೀಡಿ ಪರಿಶೀಲನೆ ನಡೆಸಿ ನಷ್ಟದ ವರದಿ ಸಲ್ಲಿಸುವುದಾಗಿ ತಿಳಿಸಿದರು.
EMT DAY
ಮೈಸೂರು ಜಿಲ್ಲೆಯಲ್ಲಿ ತುರ್ತು ಚಿಕಿತ್ಸೆ 108 ಶುಶ್ರುಷಕರ ದಿನಾಚರಣೆಯನ್ನು ಕೇಕ್ ಕತ್ತರಿಸುವ ಮೂಲಕ ಸಂಭ್ರಮಾಚರಿಸಲಾಯಿತು. ಈ ಸಂದರ್ಭದಲ್ಲಿ ಆರ್.ಎಂ.ಯತೀಶ್, ಡಿ.ಎಂ.ಪ್ರಮೋದ್, ಮೈಸೂರು ಓಇ (ಇಂಬಿ) ಉಮೇಶ್, ನಾಗರಾಜು ಸೇರಿದಂತೆ ಮತ್ತಿತರರು ಉಪಸ್ಥಿತರಿದ್ದರು.
ಪುನೀತ್ ಸವಿನೆನಪಿಗೆ ವಾಲಿಬಾಲ್ ಪಂದ್ಯಾವಳಿ
ಪಿರಿಯಾಪಟ್ಟಣ: ತಾಲೂಕಿನ ಭೇರಿಯಾ ಗ್ರಾಮದಲ್ಲಿ ಯುಗಾದಿ ಹಬ್ಬದ ಪ್ರಯುಕ್ತ ಡಾ.ಪುನೀತ್ ರಾಜ್‌ಕುಮಾರ್ ಸವಿನೆನಪಿನಲ್ಲಿ ವಾಲಿಬಾಲ್ ಪಂದ್ಯಾವಳಿ ಏರ್ಪಡಿಸಲಾಗಿತ್ತು. ಪಂದ್ಯಾವಳಿಯಲ್ಲಿ ಸುತ್ತಮುತ್ತಲ ಗ್ರಾಮಗಳ 8 ಕ್ರೀಡಾ ತಂಡಗಳು ಭಾಗವಹಿಸಿದ್ದವು. ವಿಜೇತ ತಂಡಗಳಿಗೆ ನಗದು ಬಹುಮಾನ ಹಾಗೂ ಸ್ಮರಣಿಕೆ ನೀಡಿ ಗೌರವಿಸಲಾಯಿತು. ಗ್ರಾಮದ ಯುವಕರು ಹಾಗೂ ಹಿರಿಯರು ಕ್ರೀಡಾಕೂಟಕ್ಕೆ ಸಹಕಾರ ನೀಡಿದರು. ಯುವಕರು ಕ್ರೀಡೆಯತ್ತ ಆಸಕ್ತಿ ಬೆಳೆಸಿಕೊಳ್ಳಬೇಕು, ಅಭಿಮಾನಿ ದೇವರುಗಳ ಪ್ರೀತಿಗೆ ಪಾತ್ರರಾದ ಪುನೀತ್ ಅವರ ಸರಳತೆ ಎಲ್ಲರಿಗೂ ಮಾದರಿ ಎಂದು ಮುಖಂಡರು ತಿಳಿಸಿದರು. ಈ ಸಂದರ್ಭದಲ್ಲಿ ಗ್ರಾಮ ಪಂಚಾಯಿತಿ ಸದಸ್ಯರು, ಯುವ ಮುಖಂಡರು ಹಾಗೂ ಕ್ರೀಡಾಭಿಮಾನಿಗಳು ಉಪಸ್ಥಿತರಿದ್ದರು. ತಾಲೂಕಿನ ಭೇರಿಯಾ ಗ್ರಾಮದಲ್ಲಿ ಯುಗಾದಿ ಹಬ್ಬದ ಪ್ರಯುಕ್ತ ಡಾ.ಪುನೀತ್ ರಾಜ್‌ಕುಮಾರ್ ಸವಿನೆನಪಿನಲ್ಲಿ ವಾಲಿಬಾಲ್ ಪಂದ್ಯಾವಳಿ ಏರ್ಪಡಿಸಲಾಗಿತ್ತು. ಪಂದ್ಯಾವಳಿಯಲ್ಲಿ ಸುತ್ತಮುತ್ತಲ ಗ್ರಾಮಗಳ 8 ಕ್ರೀಡಾ ತಂಡಗಳು ಭಾಗವಹಿಸಿದ್ದವು. ವಿಜೇತ ತಂಡಗಳಿಗೆ ನಗದು ಬಹುಮಾನ ಹಾಗೂ ಸ್ಮರಣಿಕೆ ನೀಡಿ ಗೌರವಿಸಲಾಯಿತು. ಗ್ರಾಮದ ಯುವಕರು ಹಾಗೂ ಹಿರಿಯರು ಕ್ರೀಡಾಕೂಟಕ್ಕೆ ಸಹಕಾರ ನೀಡಿದರು. ಯುವಕರು ಕ್ರೀಡೆಯತ್ತ ಆಸಕ್ತಿ ಬೆಳೆಸಿಕೊಳ್ಳಬೇಕು, ಅಭಿಮಾನಿ ದೇವರುಗಳ ಪ್ರೀತಿಗೆ ಪಾತ್ರರಾದ ಪುನೀತ್ ಅವರ ಸರಳತೆ ಎಲ್ಲರಿಗೂ ಮಾದರಿ ಎಂದು ಮುಖಂಡರು ತಿಳಿಸಿದರು. ಈ ಸಂದರ್ಭದಲ್ಲಿ ಗ್ರಾಮ ಪಂಚಾಯಿತಿ ಸದಸ್ಯರು, ಯುವ ಮುಖಂಡರು ಹಾಗೂ ಕ್ರೀಡಾಭಿಮಾನಿಗಳು ಉಪಸ್ಥಿತರಿದ್ದರು.
ದಾಖಲೆ ಸಮೇತ ಬಹಿರಂಗ ಚರ್ಚೆಗೆ ಬನ್ನಿ
ಮಾಜಿ ಶಾಸಕ ಕೆ.ಮಹದೇವ್‌ಗೆ ಪಂಥಾಹ್ವಾನ
ಪಿರಿಯಾಪಟ್ಟಣ: ಮಾಜಿ ಶಾಸಕ ಕೆ.ಮಹದೇವ್ ಅವರು ಆಧಾರ ರಹಿತ ಆರೋಪ ಮಾಡುವ ಬದಲು ದಾಖಲೆ ಸಮೇತ ಬಹಿರಂಗ ಚರ್ಚೆಗೆ ಬರಲಿ ಎಂದು ಪಂಥಾಹ್ವಾನ ನೀಡಲಾಗಿದೆ. ಪಟ್ಟಣದ ಪತ್ರಕರ್ತರ ಭವನದಲ್ಲಿ ಸುದ್ದಿಗೋಷ್ಠಿ ನಡೆಸಿದ ಮುಖಂಡರು, ಕ್ಷೇತ್ರದ ಅಭಿವೃದ್ಧಿ ಕುರಿತು ಜನರ ಮುಂದೆ ಚರ್ಚೆ ನಡೆಸೋಣ ಎಂದರು. ಮಾಜಿ ಶಾಸಕ ಕೆ.ಮಹದೇವ್ ಅವರು ಆಧಾರ ರಹಿತ ಆರೋಪ ಮಾಡುವ ಬದಲು ದಾಖಲೆ ಸಮೇತ ಬಹಿರಂಗ ಚರ್ಚೆಗೆ ಬರಲಿ ಎಂದು ಪಂಥಾಹ್ವಾನ ನೀಡಲಾಗಿದೆ. ಪಟ್ಟಣದ ಪತ್ರಕರ್ತರ ಭವನದಲ್ಲಿ ಸುದ್ದಿಗೋಷ್ಠಿ ನಡೆಸಿದ ಮುಖಂಡರು, ಕ್ಷೇತ್ರದ ಅಭಿವೃದ್ಧಿ ಕುರಿತು ಜನರ ಮುಂದೆ ಚರ್ಚೆ ನಡೆಸೋಣ ಎಂದರು.
ಪತ್ರಕರ್ತರ ಸಂಘ (ರಿ.)
PERIYAPATNA TALUK WORKING JOURNALISTS ASSOCIATION (R.)
ಹಿಂದಿನ ಅವಧಿಯಲ್ಲಿ ನಡೆದ ಅಭಿವೃದ್ಧಿ ಕಾಮಗಾರಿಗಳ ಮಾಹಿತಿ ಜನರ ಮುಂದಿದೆ. ಸುಳ್ಳು ಆರೋಪಗಳಿಂದ ಜನರ ದಿಕ್ಕು ತಪ್ಪಿಸುವ ಪ್ರಯತ್ನ ಬಿಡಬೇಕು. ಯಾವುದೇ ವೇದಿಕೆಯಲ್ಲಿ ಚರ್ಚೆಗೆ ಸಿದ್ಧ ಎಂದು ಸವಾಲು ಹಾಕಿದರು. ಸುದ್ದಿಗೋಷ್ಠಿಯಲ್ಲಿ ತಾಲೂಕಿನ ವಿವಿಧ ಮುಖಂಡರು ಉಪಸ್ಥಿತರಿದ್ದರು. ಹಿಂದಿನ ಅವಧಿಯಲ್ಲಿ ನಡೆದ ಅಭಿವೃದ್ಧಿ ಕಾಮಗಾರಿಗಳ ಮಾಹಿತಿ ಜನರ ಮುಂದಿದೆ. ಸುಳ್ಳು ಆರೋಪಗಳಿಂದ ಜನರ ದಿಕ್ಕು ತಪ್ಪಿಸುವ ಪ್ರಯತ್ನ ಬಿಡಬೇಕು. ಯಾವುದೇ ವೇದಿಕೆಯಲ್ಲಿ ಚರ್ಚೆಗೆ ಸಿದ್ಧ ಎಂದು ಸವಾಲು ಹಾಕಿದರು. ಸುದ್ದಿಗೋಷ್ಠಿಯಲ್ಲಿ ತಾಲೂಕಿನ ವಿವಿಧ ಮುಖಂಡರು ಉಪಸ್ಥಿತರಿದ್ದರು.
